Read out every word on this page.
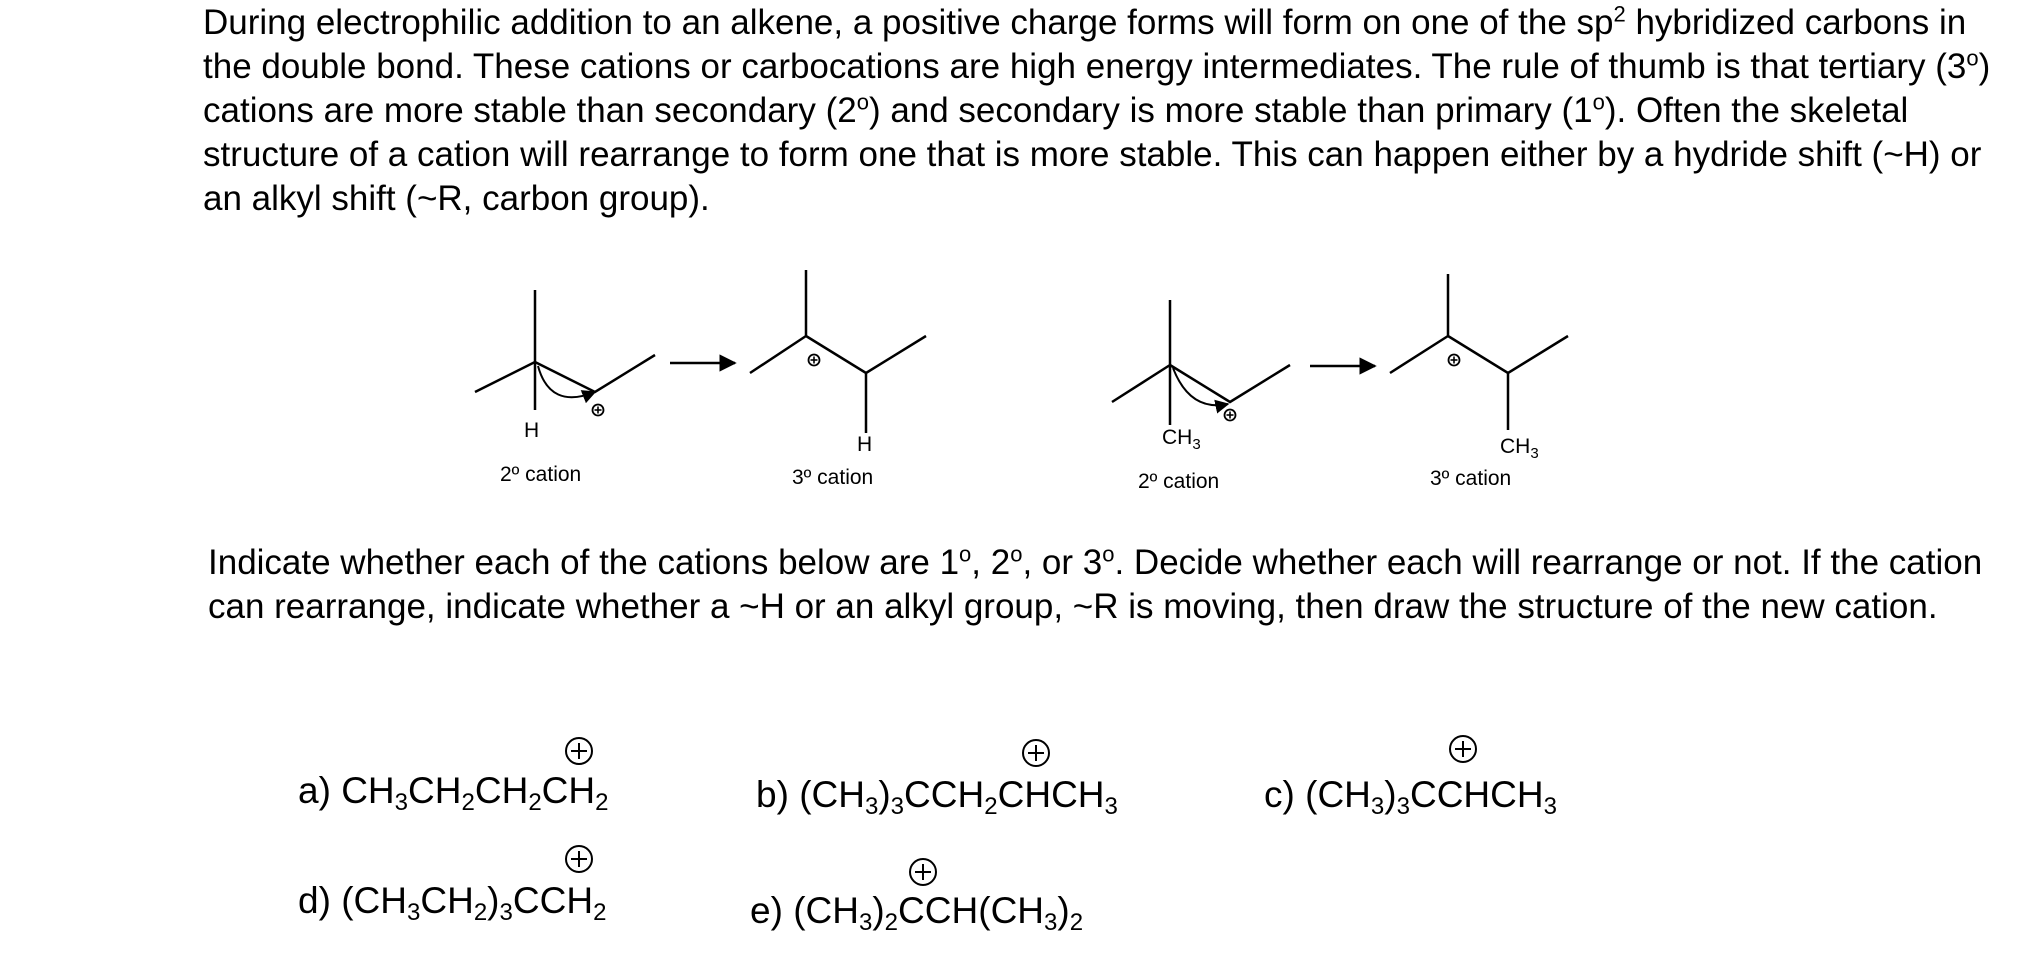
During electrophilic addition to an alkene, a positive charge forms will form on one of the $sp^2$ hybridized carbons in the double bond. These cations or carbocations are high energy intermediates. The rule of thumb is that tertiary (3$^o$) cations are more stable than secondary (2$^o$) and secondary is more stable than primary (1$^o$). Often the skeletal structure of a cation will rearrange to form one that is more stable. This can happen either by a hydride shift (~H) or an alkyl shift (~R, carbon group).

H
H
2º cation	3º cation
$CH_3$	$CH_3$
2º cation	3º cation

Indicate whether each of the cations below are 1$^o$, 2$^o$, or 3$^o$. Decide whether each will rearrange or not. If the cation can rearrange, indicate whether a ~H or an alkyl group, ~R is moving, then draw the structure of the new cation.

a) $CH_3CH_2CH_2CH_2$	b) $(CH_3)_3CCH_2CHCH_3$	c) $(CH_3)_3CCHCH_3$
d) $(CH_3CH_2)_3CCH_2$	e) $(CH_3)_2CCH(CH_3)_2$
